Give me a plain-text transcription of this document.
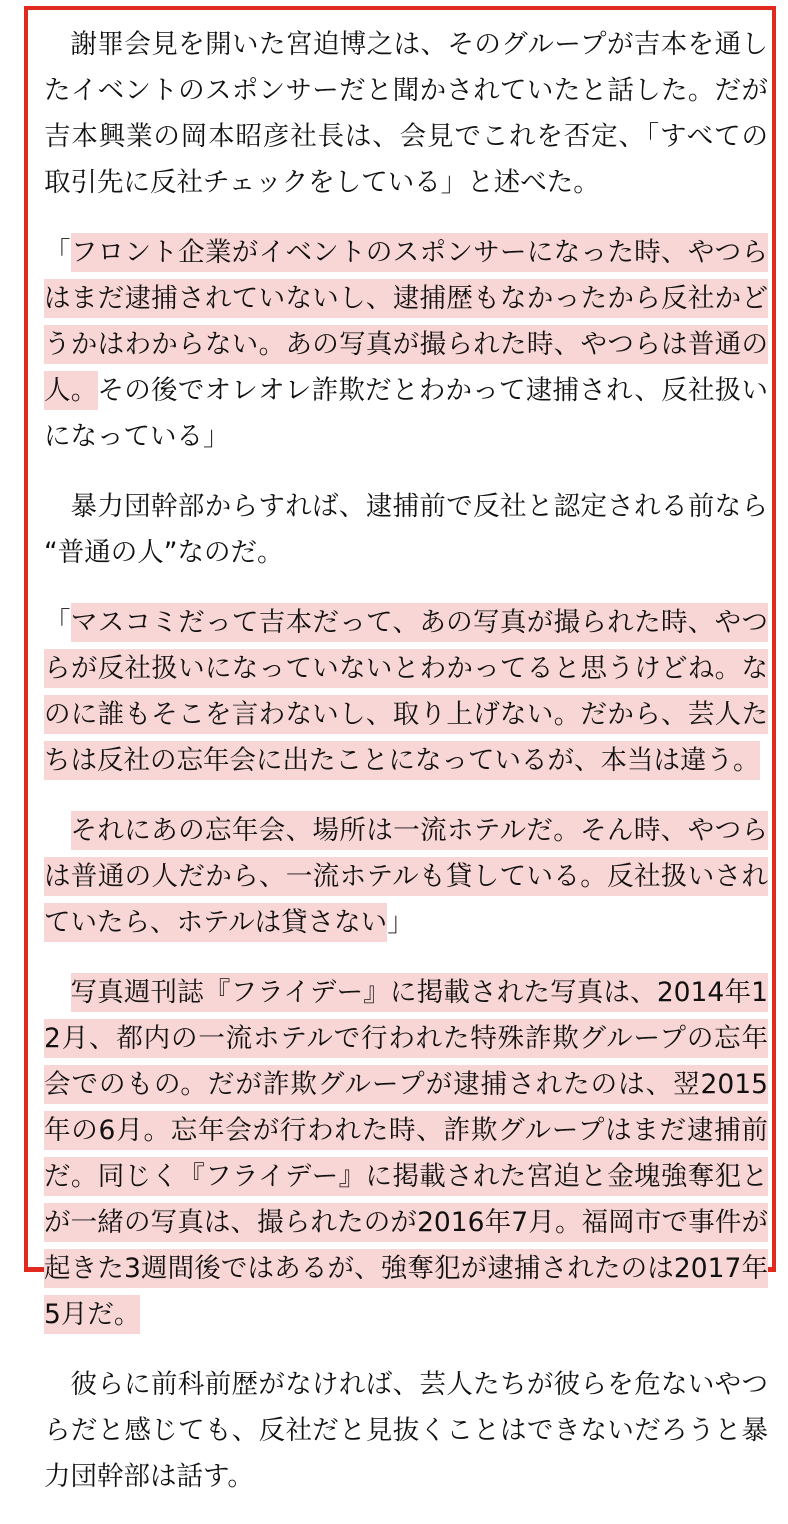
謝罪会見を開いた宮迫博之は、そのグループが吉本を通したイベントのスポンサーだと聞かされていたと話した。だが吉本興業の岡本昭彦社長は、会見でこれを否定、「すべての取引先に反社チェックをしている」と述べた。

「フロント企業がイベントのスポンサーになった時、やつらはまだ逮捕されていないし、逮捕歴もなかったから反社かどうかはわからない。あの写真が撮られた時、やつらは普通の人。その後でオレオレ詐欺だとわかって逮捕され、反社扱いになっている」

暴力団幹部からすれば、逮捕前で反社と認定される前なら“普通の人”なのだ。

「マスコミだって吉本だって、あの写真が撮られた時、やつらが反社扱いになっていないとわかってると思うけどね。なのに誰もそこを言わないし、取り上げない。だから、芸人たちは反社の忘年会に出たことになっているが、本当は違う。

それにあの忘年会、場所は一流ホテルだ。そん時、やつらは普通の人だから、一流ホテルも貸している。反社扱いされていたら、ホテルは貸さない」

写真週刊誌『フライデー』に掲載された写真は、2014年12月、都内の一流ホテルで行われた特殊詐欺グループの忘年会でのもの。だが詐欺グループが逮捕されたのは、翌2015年の6月。忘年会が行われた時、詐欺グループはまだ逮捕前だ。同じく『フライデー』に掲載された宮迫と金塊強奪犯とが一緒の写真は、撮られたのが2016年7月。福岡市で事件が起きた3週間後ではあるが、強奪犯が逮捕されたのは2017年5月だ。

彼らに前科前歴がなければ、芸人たちが彼らを危ないやつらだと感じても、反社だと見抜くことはできないだろうと暴力団幹部は話す。
